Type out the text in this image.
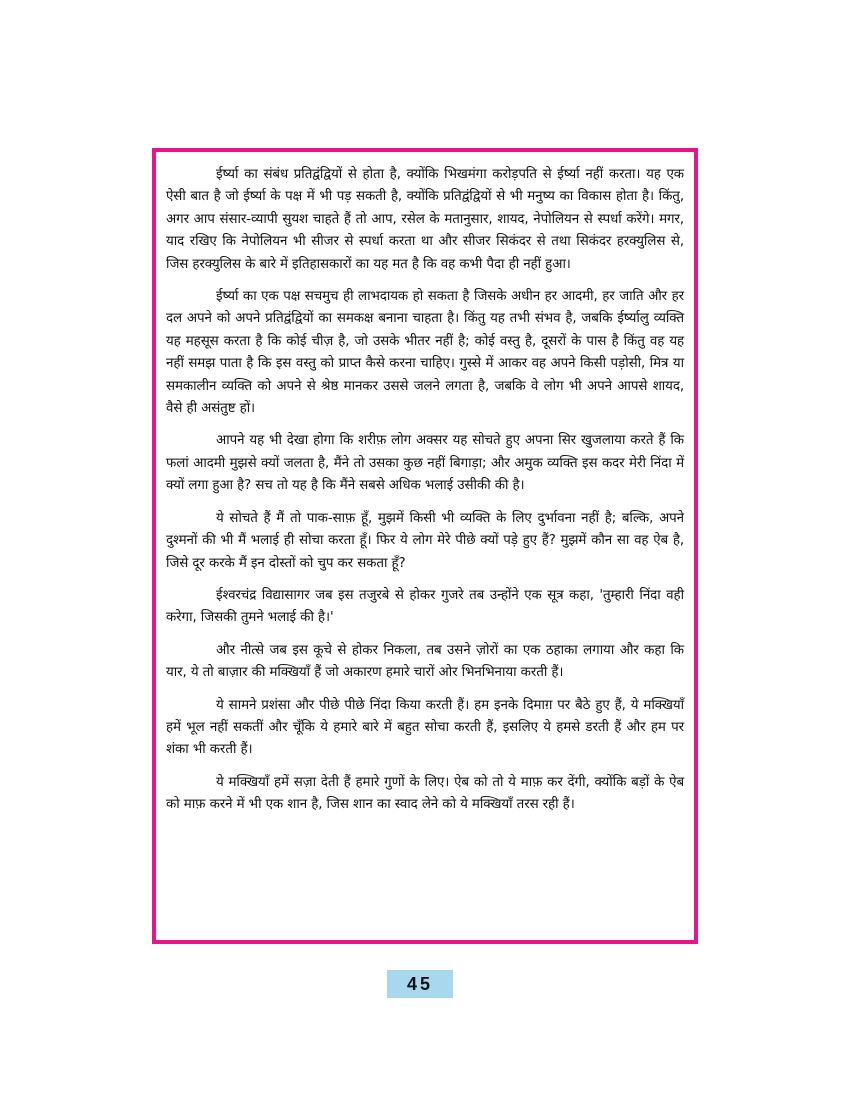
ईर्ष्या का संबंध प्रतिद्वंद्वियों से होता है, क्योंकि भिखमंगा करोड़पति से ईर्ष्या नहीं करता। यह एक ऐसी बात है जो ईर्ष्या के पक्ष में भी पड़ सकती है, क्योंकि प्रतिद्वंद्वियों से भी मनुष्य का विकास होता है। किंतु, अगर आप संसार-व्यापी सुयश चाहते हैं तो आप, रसेल के मतानुसार, शायद, नेपोलियन से स्पर्धा करेंगे। मगर, याद रखिए कि नेपोलियन भी सीजर से स्पर्धा करता था और सीजर सिकंदर से तथा सिकंदर हरक्युलिस से, जिस हरक्युलिस के बारे में इतिहासकारों का यह मत है कि वह कभी पैदा ही नहीं हुआ।

ईर्ष्या का एक पक्ष सचमुच ही लाभदायक हो सकता है जिसके अधीन हर आदमी, हर जाति और हर दल अपने को अपने प्रतिद्वंद्वियों का समकक्ष बनाना चाहता है। किंतु यह तभी संभव है, जबकि ईर्ष्यालु व्यक्ति यह महसूस करता है कि कोई चीज़ है, जो उसके भीतर नहीं है; कोई वस्तु है, दूसरों के पास है किंतु वह यह नहीं समझ पाता है कि इस वस्तु को प्राप्त कैसे करना चाहिए। गुस्से में आकर वह अपने किसी पड़ोसी, मित्र या समकालीन व्यक्ति को अपने से श्रेष्ठ मानकर उससे जलने लगता है, जबकि वे लोग भी अपने आपसे शायद, वैसे ही असंतुष्ट हों।

आपने यह भी देखा होगा कि शरीफ़ लोग अक्सर यह सोचते हुए अपना सिर खुजलाया करते हैं कि फलां आदमी मुझसे क्यों जलता है, मैंने तो उसका कुछ नहीं बिगाड़ा; और अमुक व्यक्ति इस कदर मेरी निंदा में क्यों लगा हुआ है? सच तो यह है कि मैंने सबसे अधिक भलाई उसीकी की है।

ये सोचते हैं मैं तो पाक-साफ़ हूँ, मुझमें किसी भी व्यक्ति के लिए दुर्भावना नहीं है; बल्कि, अपने दुश्मनों की भी मैं भलाई ही सोचा करता हूँ। फिर ये लोग मेरे पीछे क्यों पड़े हुए हैं? मुझमें कौन सा वह ऐब है, जिसे दूर करके मैं इन दोस्तों को चुप कर सकता हूँ?

ईश्वरचंद्र विद्यासागर जब इस तजुरबे से होकर गुजरे तब उन्होंने एक सूत्र कहा, 'तुम्हारी निंदा वही करेगा, जिसकी तुमने भलाई की है।'

और नीत्से जब इस कूचे से होकर निकला, तब उसने ज़ोरों का एक ठहाका लगाया और कहा कि यार, ये तो बाज़ार की मक्खियाँ हैं जो अकारण हमारे चारों ओर भिनभिनाया करती हैं।

ये सामने प्रशंसा और पीछे पीछे निंदा किया करती हैं। हम इनके दिमाग़ पर बैठे हुए हैं, ये मक्खियाँ हमें भूल नहीं सकतीं और चूँकि ये हमारे बारे में बहुत सोचा करती हैं, इसलिए ये हमसे डरती हैं और हम पर शंका भी करती हैं।

ये मक्खियाँ हमें सज़ा देती हैं हमारे गुणों के लिए। ऐब को तो ये माफ़ कर देंगी, क्योंकि बड़ों के ऐब को माफ़ करने में भी एक शान है, जिस शान का स्वाद लेने को ये मक्खियाँ तरस रही हैं।

45
